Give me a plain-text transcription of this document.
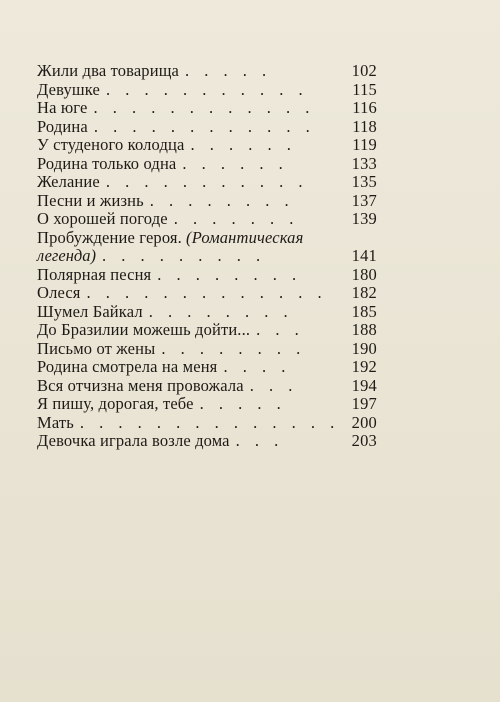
Жили два товарища . . . . .	102
Девушке . . . . . . . . . . .	115
На юге . . . . . . . . . . . . 116
Родина . . . . . . . . . . . . 118
У студеного колодца . . . . . .	119
Родина только одна . . . . . .	133
Желание . . . . . . . . . . .	135
Песни и жизнь . . . . . . . .	137
О хорошей погоде . . . . . . .	139
Пробуждение героя. (Романтическая
легенда) . . . . . . . . .	141
Полярная песня . . . . . . . .	180
Олеся . . . . . . . . . . . . . 182
Шумел Байкал . . . . . . . .	185
До Бразилии можешь дойти... . . .	188
Письмо от жены . . . . . . . .	190
Родина смотрела на меня . . . .	192
Вся отчизна меня провожала . . .	194
Я пишу, дорогая, тебе . . . . .	197
Мать . . . . . . . . . . . . . . 200
Девочка играла возле дома . . .	203
